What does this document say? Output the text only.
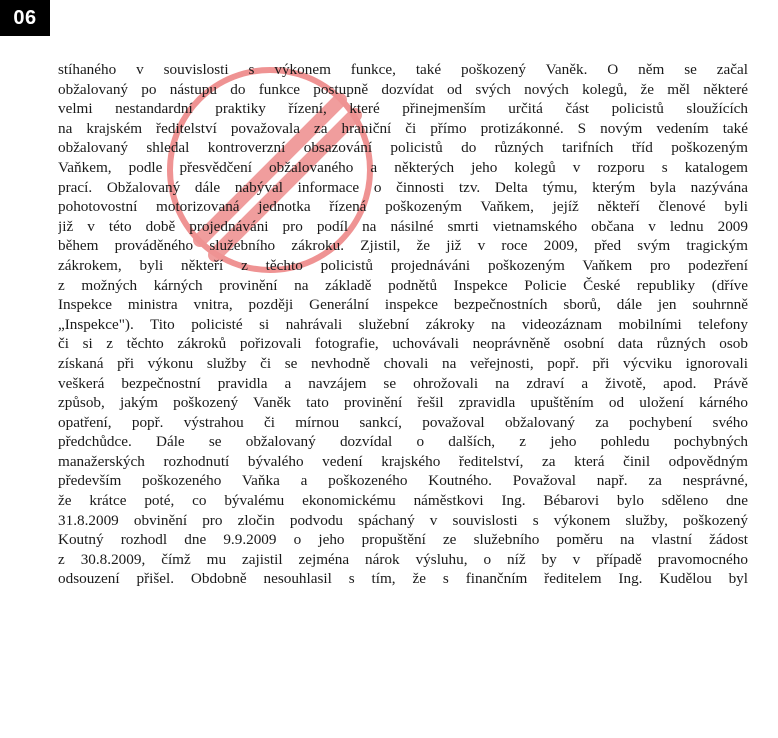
06
stíhaného v souvislosti s výkonem funkce, také poškozený Vaněk. O něm se začal
obžalovaný po nástupu do funkce postupně dozvídat od svých nových kolegů, že měl některé
velmi nestandardní praktiky řízení, které přinejmenším určitá část policistů sloužících
na krajském ředitelství považovala za hraniční či přímo protizákonné. S novým vedením také
obžalovaný shledal kontroverzní obsazování policistů do různých tarifních tříd poškozeným
Vaňkem, podle přesvědčení obžalovaného a některých jeho kolegů v rozporu s katalogem
prací. Obžalovaný dále nabýval informace o činnosti tzv. Delta týmu, kterým byla nazývána
pohotovostní motorizovaná jednotka řízená poškozeným Vaňkem, jejíž někteří členové byli
již v této době projednáváni pro podíl na násilné smrti vietnamského občana v lednu 2009
během prováděného služebního zákroku. Zjistil, že již v roce 2009, před svým tragickým
zákrokem, byli někteří z těchto policistů projednáváni poškozeným Vaňkem pro podezření
z možných kárných provinění na základě podnětů Inspekce Policie České republiky (dříve
Inspekce ministra vnitra, později Generální inspekce bezpečnostních sborů, dále jen souhrnně
„Inspekce"). Tito policisté si nahrávali služební zákroky na videozáznam mobilními telefony
či si z těchto zákroků pořizovali fotografie, uchovávali neoprávněně osobní data různých osob
získaná při výkonu služby či se nevhodně chovali na veřejnosti, popř. při výcviku ignorovali
veškerá bezpečnostní pravidla a navzájem se ohrožovali na zdraví a životě, apod. Právě
způsob, jakým poškozený Vaněk tato provinění řešil zpravidla upuštěním od uložení kárného
opatření, popř. výstrahou či mírnou sankcí, považoval obžalovaný za pochybení svého
předchůdce. Dále se obžalovaný dozvídal o dalších, z jeho pohledu pochybných
manažerských rozhodnutí bývalého vedení krajského ředitelství, za která činil odpovědným
především poškozeného Vaňka a poškozeného Koutného. Považoval např. za nesprávné,
že krátce poté, co bývalému ekonomickému náměstkovi Ing. Bébarovi bylo sděleno dne
31.8.2009 obvinění pro zločin podvodu spáchaný v souvislosti s výkonem služby, poškozený
Koutný rozhodl dne 9.9.2009 o jeho propuštění ze služebního poměru na vlastní žádost
z 30.8.2009, čímž mu zajistil zejména nárok výsluhu, o níž by v případě pravomocného
odsouzení přišel. Obdobně nesouhlasil s tím, že s finančním ředitelem Ing. Kudělou byl
